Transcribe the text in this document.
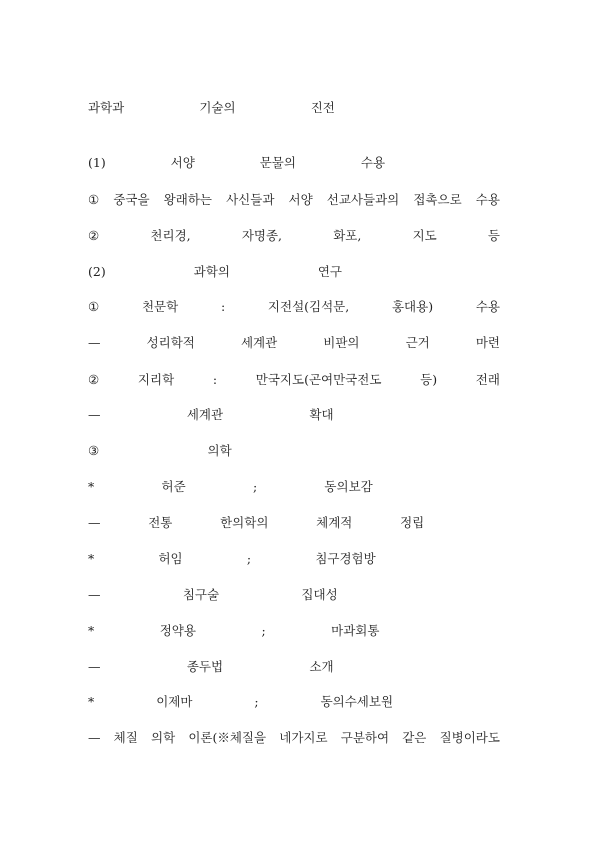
과학과	기술의	진전
(1)	서양	문물의	수용
① 중국을 왕래하는 사신들과 서양 선교사들과의 접촉으로 수용
②	천리경,	자명종,	화포,	지도	등
(2)	과학의	연구
①	천문학	:	지전설(김석문,	홍대용)	수용
—	성리학적	세계관	비판의	근거	마련
②	지리학	:	만국지도(곤여만국전도	등)	전래
—	세계관	확대
③	의학
*	허준	;	동의보감
—	전통	한의학의	체계적	정립
*	허임	;	침구경험방
—	침구술	집대성
*	정약용	;	마과회통
—	종두법	소개
*	이제마	;	동의수세보원
— 체질 의학 이론(※체질을 네가지로 구분하여 같은 질병이라도
